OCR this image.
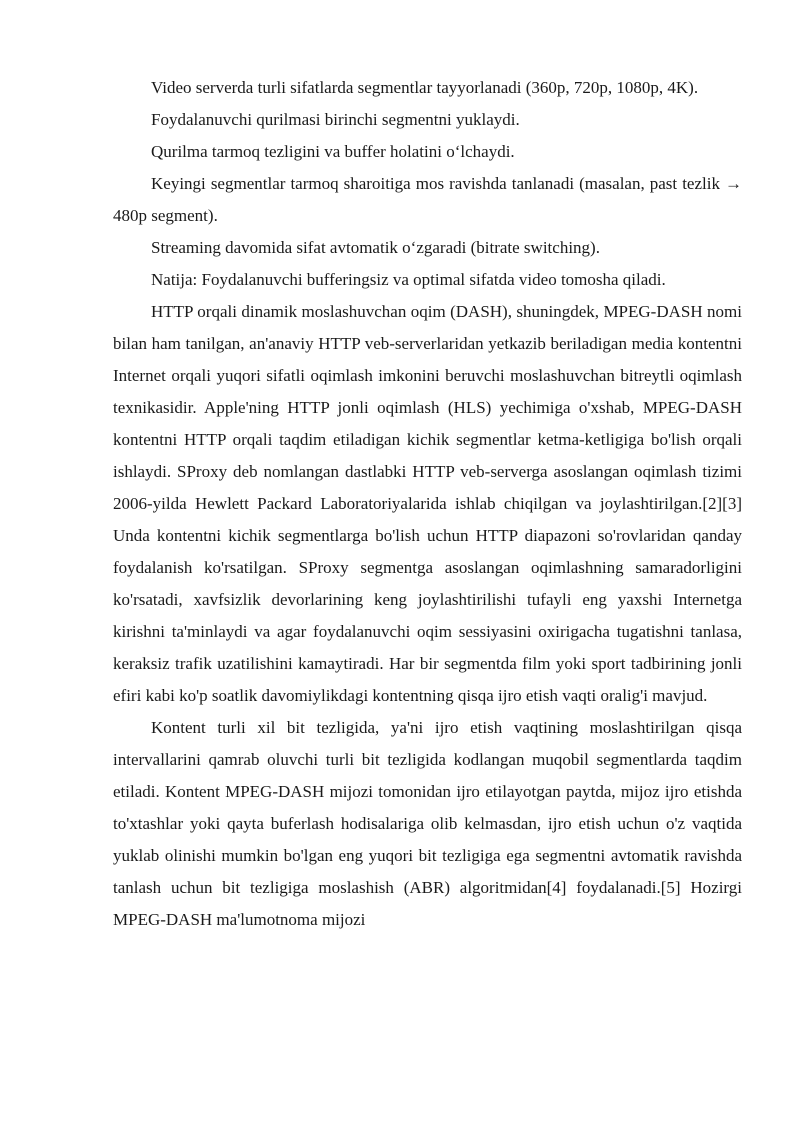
Video serverda turli sifatlarda segmentlar tayyorlanadi (360p, 720p, 1080p, 4K).

Foydalanuvchi qurilmasi birinchi segmentni yuklaydi.

Qurilma tarmoq tezligini va buffer holatini o‘lchaydi.

Keyingi segmentlar tarmoq sharoitiga mos ravishda tanlanadi (masalan, past tezlik → 480p segment).

Streaming davomida sifat avtomatik o‘zgaradi (bitrate switching).

Natija: Foydalanuvchi bufferingsiz va optimal sifatda video tomosha qiladi.

HTTP orqali dinamik moslashuvchan oqim (DASH), shuningdek, MPEG-DASH nomi bilan ham tanilgan, an'anaviy HTTP veb-serverlaridan yetkazib beriladigan media kontentni Internet orqali yuqori sifatli oqimlash imkonini beruvchi moslashuvchan bitreytli oqimlash texnikasidir. Apple'ning HTTP jonli oqimlash (HLS) yechimiga o'xshab, MPEG-DASH kontentni HTTP orqali taqdim etiladigan kichik segmentlar ketma-ketligiga bo'lish orqali ishlaydi. SProxy deb nomlangan dastlabki HTTP veb-serverga asoslangan oqimlash tizimi 2006-yilda Hewlett Packard Laboratoriyalarida ishlab chiqilgan va joylashtirilgan.[2][3] Unda kontentni kichik segmentlarga bo'lish uchun HTTP diapazoni so'rovlaridan qanday foydalanish ko'rsatilgan. SProxy segmentga asoslangan oqimlashning samaradorligini ko'rsatadi, xavfsizlik devorlarining keng joylashtirilishi tufayli eng yaxshi Internetga kirishni ta'minlaydi va agar foydalanuvchi oqim sessiyasini oxirigacha tugatishni tanlasa, keraksiz trafik uzatilishini kamaytiradi. Har bir segmentda film yoki sport tadbirining jonli efiri kabi ko'p soatlik davomiylikdagi kontentning qisqa ijro etish vaqti oralig'i mavjud.

Kontent turli xil bit tezligida, ya'ni ijro etish vaqtining moslashtirilgan qisqa intervallarini qamrab oluvchi turli bit tezligida kodlangan muqobil segmentlarda taqdim etiladi. Kontent MPEG-DASH mijozi tomonidan ijro etilayotgan paytda, mijoz ijro etishda to'xtashlar yoki qayta buferlash hodisalariga olib kelmasdan, ijro etish uchun o'z vaqtida yuklab olinishi mumkin bo'lgan eng yuqori bit tezligiga ega segmentni avtomatik ravishda tanlash uchun bit tezligiga moslashish (ABR) algoritmidan[4] foydalanadi.[5] Hozirgi MPEG-DASH ma'lumotnoma mijozi
